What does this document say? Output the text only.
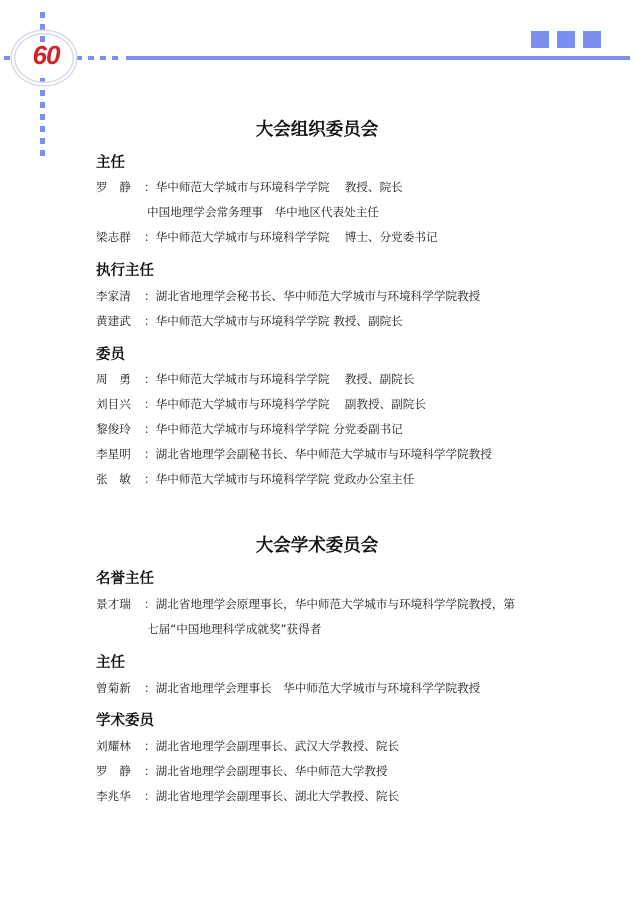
60
大会组织委员会
主任
罗　静 ：华中师范大学城市与环境科学学院　 教授、院长
中国地理学会常务理事　华中地区代表处主任
梁志群 ：华中师范大学城市与环境科学学院　 博士、分党委书记
执行主任
李家清 ：湖北省地理学会秘书长、华中师范大学城市与环境科学学院教授
黄建武 ：华中师范大学城市与环境科学学院 教授、副院长
委员
周　勇 ：华中师范大学城市与环境科学学院　 教授、副院长
刘目兴 ：华中师范大学城市与环境科学学院　 副教授、副院长
黎俊玲 ：华中师范大学城市与环境科学学院 分党委副书记
李星明 ：湖北省地理学会副秘书长、华中师范大学城市与环境科学学院教授
张　敏 ：华中师范大学城市与环境科学学院 党政办公室主任
大会学术委员会
名誉主任
景才瑞 ：湖北省地理学会原理事长，华中师范大学城市与环境科学学院教授，第
七届“中国地理科学成就奖”获得者
主任
曾菊新 ：湖北省地理学会理事长　华中师范大学城市与环境科学学院教授
学术委员
刘耀林 ：湖北省地理学会副理事长、武汉大学教授、院长
罗　静 ：湖北省地理学会副理事长、华中师范大学教授
李兆华 ：湖北省地理学会副理事长、湖北大学教授、院长
